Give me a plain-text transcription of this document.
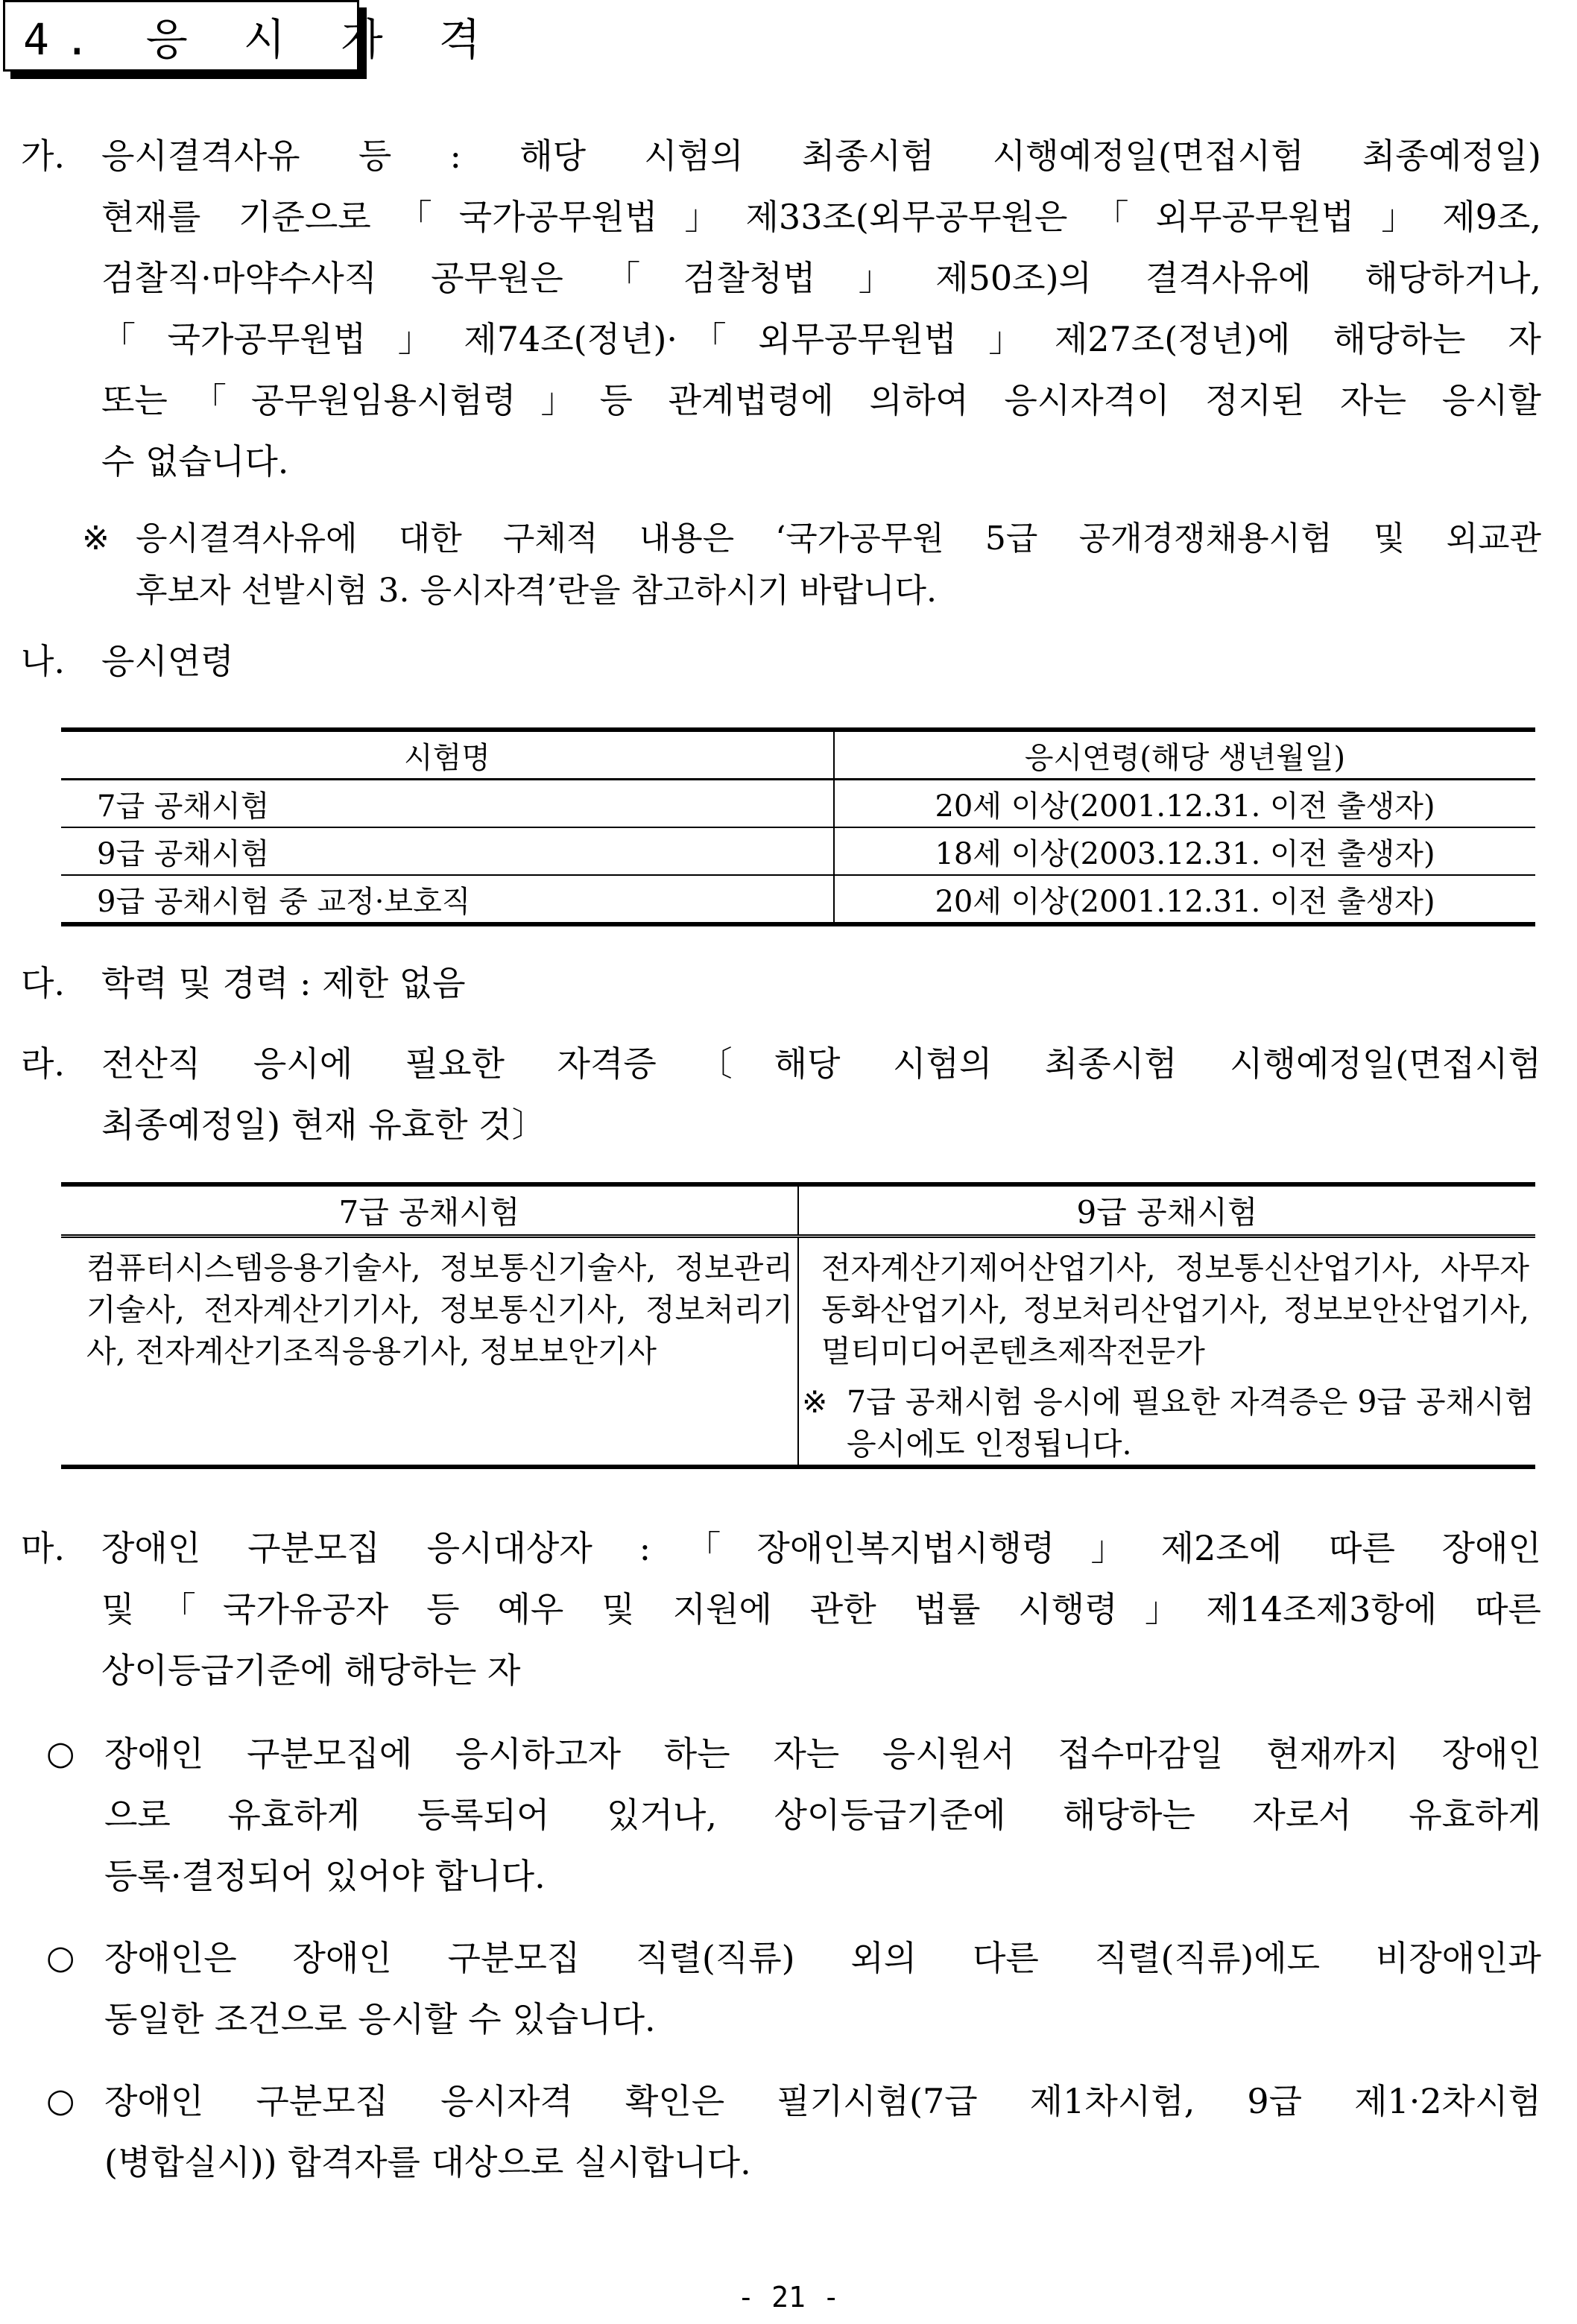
4. 응 시 자 격
가. 응시결격사유 등 : 해당 시험의 최종시험 시행예정일(면접시험 최종예정일)
현재를 기준으로「국가공무원법」제33조(외무공무원은「외무공무원법」제9조,
검찰직·마약수사직 공무원은「검찰청법」제50조)의 결격사유에 해당하거나,
「국가공무원법」제74조(정년)·「외무공무원법」제27조(정년)에 해당하는 자
또는「공무원임용시험령」등 관계법령에 의하여 응시자격이 정지된 자는 응시할
수 없습니다.
※ 응시결격사유에 대한 구체적 내용은 ‘국가공무원 5급 공개경쟁채용시험 및 외교관
후보자 선발시험 3. 응시자격’란을 참고하시기 바랍니다.
나. 응시연령
시험명	응시연령(해당 생년월일)
7급 공채시험	20세 이상(2001.12.31. 이전 출생자)
9급 공채시험	18세 이상(2003.12.31. 이전 출생자)
9급 공채시험 중 교정·보호직	20세 이상(2001.12.31. 이전 출생자)
다. 학력 및 경력 : 제한 없음
라. 전산직 응시에 필요한 자격증〔해당 시험의 최종시험 시행예정일(면접시험
최종예정일) 현재 유효한 것〕
7급 공채시험	9급 공채시험

컴퓨터시스템응용기술사, 정보통신기술사, 정보관리기술사, 전자계산기기사, 정보통신기사, 정보처리기사, 전자계산기조직응용기사, 정보보안기사	전자계산기제어산업기사, 정보통신산업기사, 사무자동화산업기사, 정보처리산업기사, 정보보안산업기사, 멀티미디어콘텐츠제작전문가
※ 7급 공채시험 응시에 필요한 자격증은 9급 공채시험 응시에도 인정됩니다.
마. 장애인 구분모집 응시대상자 :「장애인복지법시행령」제2조에 따른 장애인
및「국가유공자 등 예우 및 지원에 관한 법률 시행령」제14조제3항에 따른
상이등급기준에 해당하는 자
○ 장애인 구분모집에 응시하고자 하는 자는 응시원서 접수마감일 현재까지 장애인
으로 유효하게 등록되어 있거나, 상이등급기준에 해당하는 자로서 유효하게
등록·결정되어 있어야 합니다.
○ 장애인은 장애인 구분모집 직렬(직류) 외의 다른 직렬(직류)에도 비장애인과
동일한 조건으로 응시할 수 있습니다.
○ 장애인 구분모집 응시자격 확인은 필기시험(7급 제1차시험, 9급 제1·2차시험
(병합실시)) 합격자를 대상으로 실시합니다.
- 21 -
